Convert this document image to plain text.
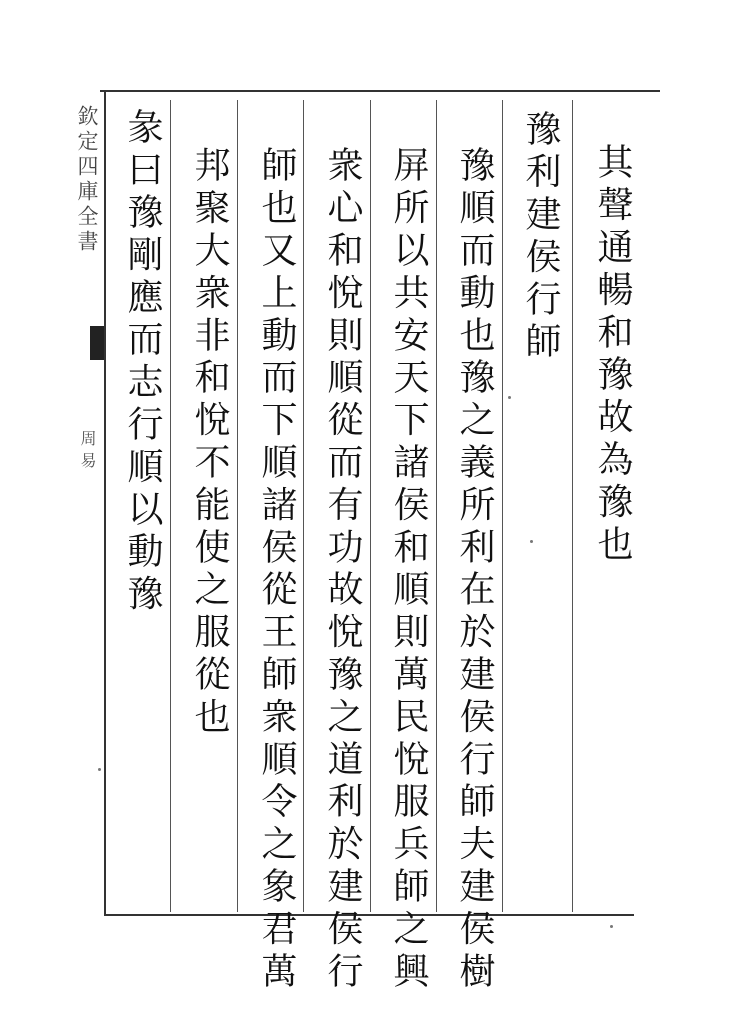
欽定四庫全書
周易	其聲通暢和豫故為豫也
豫利建侯行師
豫順而動也豫之義所利在於建侯行師夫建侯樹
屏所以共安天下諸侯和順則萬民悅服兵師之興
衆心和悅則順從而有功故悅豫之道利於建侯行
師也又上動而下順諸侯從王師衆順令之象君萬
邦聚大衆非和悅不能使之服從也
彖曰豫剛應而志行順以動豫
